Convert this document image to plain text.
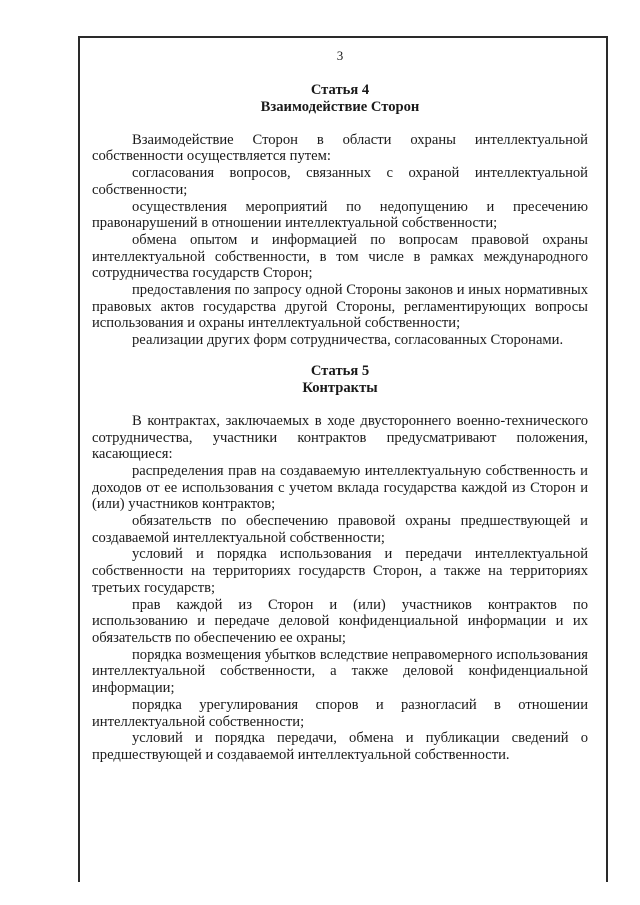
3
Статья 4
Взаимодействие Сторон

Взаимодействие Сторон в области охраны интеллектуальной собственности осуществляется путем:

согласования вопросов, связанных с охраной интеллектуальной собственности;

осуществления мероприятий по недопущению и пресечению правонарушений в отношении интеллектуальной собственности;

обмена опытом и информацией по вопросам правовой охраны интеллектуальной собственности, в том числе в рамках международного сотрудничества государств Сторон;

предоставления по запросу одной Стороны законов и иных нормативных правовых актов государства другой Стороны, регламентирующих вопросы использования и охраны интеллектуальной собственности;

реализации других форм сотрудничества, согласованных Сторонами.

Статья 5
Контракты

В контрактах, заключаемых в ходе двустороннего военно-технического сотрудничества, участники контрактов предусматривают положения, касающиеся:

распределения прав на создаваемую интеллектуальную собственность и доходов от ее использования с учетом вклада государства каждой из Сторон и (или) участников контрактов;

обязательств по обеспечению правовой охраны предшествующей и создаваемой интеллектуальной собственности;

условий и порядка использования и передачи интеллектуальной собственности на территориях государств Сторон, а также на территориях третьих государств;

прав каждой из Сторон и (или) участников контрактов по использованию и передаче деловой конфиденциальной информации и их обязательств по обеспечению ее охраны;

порядка возмещения убытков вследствие неправомерного использования интеллектуальной собственности, а также деловой конфиденциальной информации;

порядка урегулирования споров и разногласий в отношении интеллектуальной собственности;

условий и порядка передачи, обмена и публикации сведений о предшествующей и создаваемой интеллектуальной собственности.
